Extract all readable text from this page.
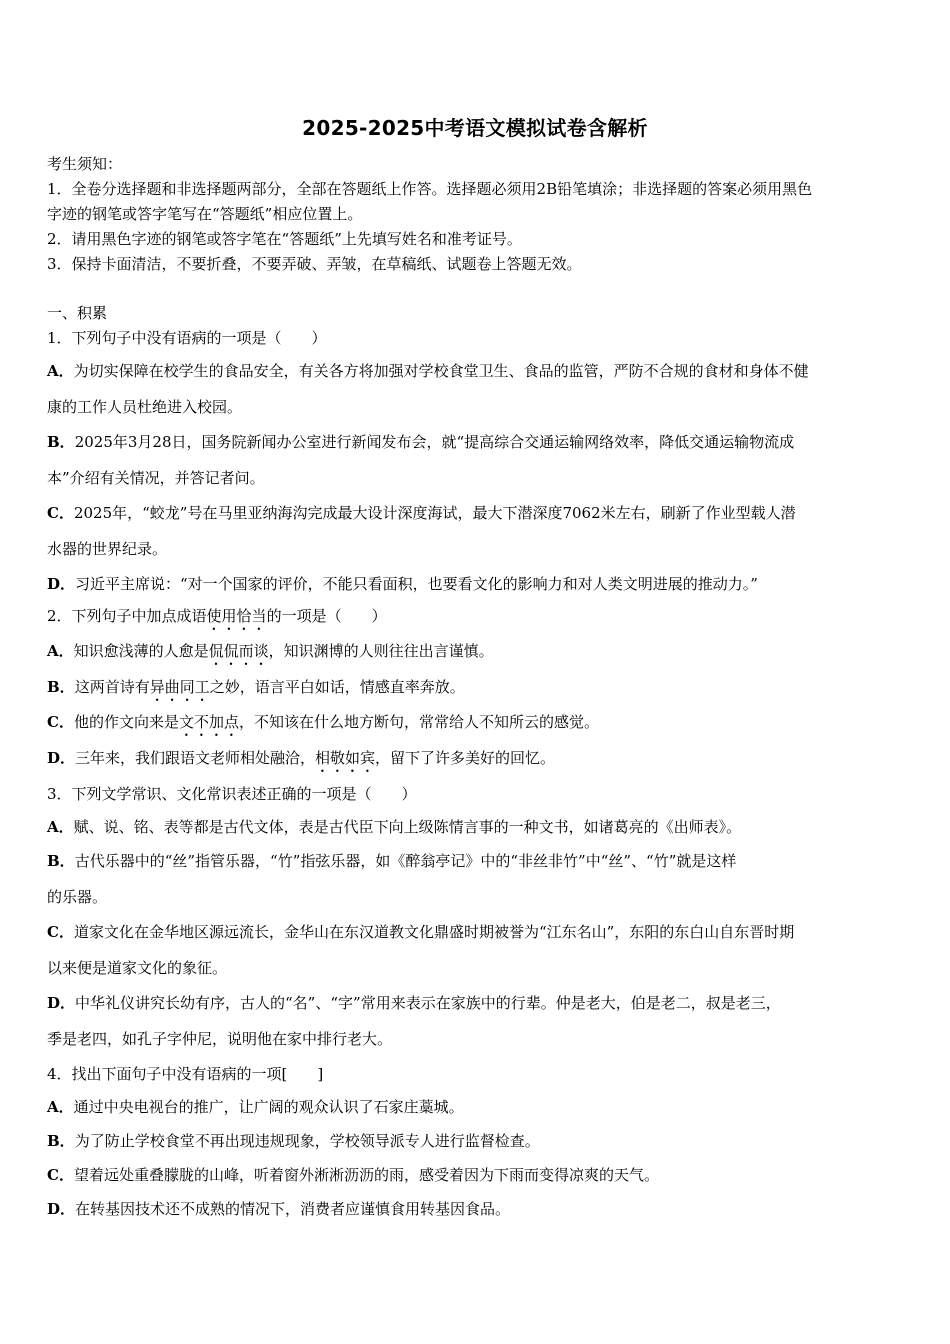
2025-2025中考语文模拟试卷含解析
考生须知：
1．全卷分选择题和非选择题两部分，全部在答题纸上作答。选择题必须用2B铅笔填涂；非选择题的答案必须用黑色
字迹的钢笔或答字笔写在“答题纸”相应位置上。
2．请用黑色字迹的钢笔或答字笔在“答题纸”上先填写姓名和准考证号。
3．保持卡面清洁，不要折叠，不要弄破、弄皱，在草稿纸、试题卷上答题无效。
一、积累
1．下列句子中没有语病的一项是（　　）
A．为切实保障在校学生的食品安全，有关各方将加强对学校食堂卫生、食品的监管，严防不合规的食材和身体不健
康的工作人员杜绝进入校园。
B．2025年3月28日，国务院新闻办公室进行新闻发布会，就“提高综合交通运输网络效率，降低交通运输物流成
本”介绍有关情况，并答记者问。
C．2025年，“蛟龙”号在马里亚纳海沟完成最大设计深度海试，最大下潜深度7062米左右，刷新了作业型载人潜
水器的世界纪录。
D．习近平主席说：“对一个国家的评价，不能只看面积，也要看文化的影响力和对人类文明进展的推动力。”
2．下列句子中加点成语使用恰当的一项是（　　）
A．知识愈浅薄的人愈是侃侃而谈，知识渊博的人则往往出言谨慎。
B．这两首诗有异曲同工之妙，语言平白如话，情感直率奔放。
C．他的作文向来是文不加点，不知该在什么地方断句，常常给人不知所云的感觉。
D．三年来，我们跟语文老师相处融洽，相敬如宾，留下了许多美好的回忆。
3．下列文学常识、文化常识表述正确的一项是（　　）
A．赋、说、铭、表等都是古代文体，表是古代臣下向上级陈情言事的一种文书，如诸葛亮的《出师表》。
B．古代乐器中的“丝”指管乐器，“竹”指弦乐器，如《醉翁亭记》中的“非丝非竹”中“丝”、“竹”就是这样
的乐器。
C．道家文化在金华地区源远流长，金华山在东汉道教文化鼎盛时期被誉为“江东名山”，东阳的东白山自东晋时期
以来便是道家文化的象征。
D．中华礼仪讲究长幼有序，古人的“名”、“字”常用来表示在家族中的行辈。仲是老大，伯是老二，叔是老三，
季是老四，如孔子字仲尼，说明他在家中排行老大。
4．找出下面句子中没有语病的一项[　　]
A．通过中央电视台的推广，让广阔的观众认识了石家庄藁城。
B．为了防止学校食堂不再出现违规现象，学校领导派专人进行监督检查。
C．望着远处重叠朦胧的山峰，听着窗外淅淅沥沥的雨，感受着因为下雨而变得凉爽的天气。
D．在转基因技术还不成熟的情况下，消费者应谨慎食用转基因食品。
